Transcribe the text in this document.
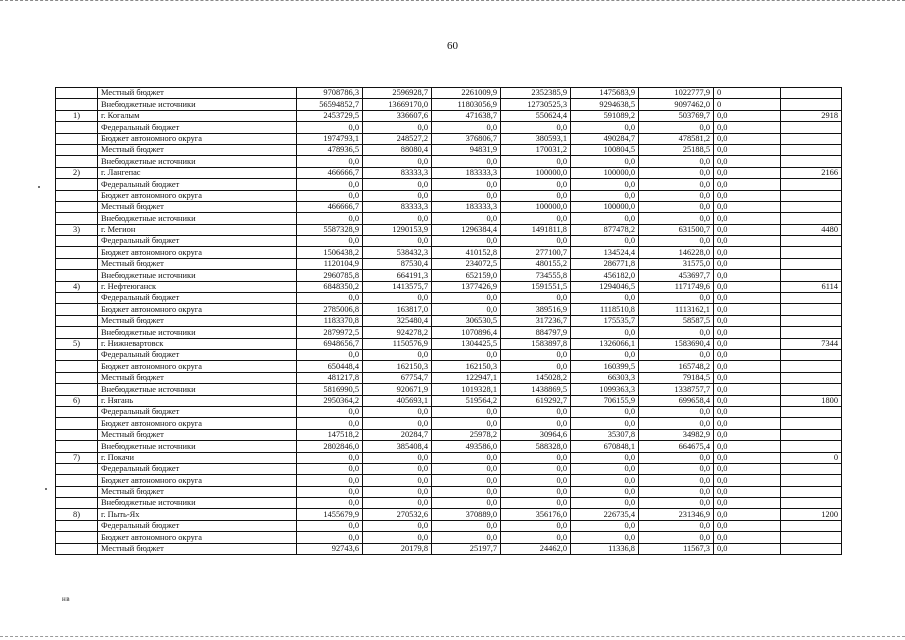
60
	Местный бюджет	9708786,3	2596928,7	2261009,9	2352385,9	1475683,9	1022777,9	0	
	Внебюджетные источники	56594852,7	13669170,0	11803056,9	12730525,3	9294638,5	9097462,0	0	
1)	г. Когалым	2453729,5	336607,6	471638,7	550624,4	591089,2	503769,7	0,0	2918
	Федеральный бюджет	0,0	0,0	0,0	0,0	0,0	0,0	0,0	
	Бюджет автономного округа	1974793,1	248527,2	376806,7	380593,1	490284,7	478581,2	0,0	
	Местный бюджет	478936,5	88080,4	94831,9	170031,2	100804,5	25188,5	0,0	
	Внебюджетные источники	0,0	0,0	0,0	0,0	0,0	0,0	0,0	
2)	г. Лангепас	466666,7	83333,3	183333,3	100000,0	100000,0	0,0	0,0	2166
	Федеральный бюджет	0,0	0,0	0,0	0,0	0,0	0,0	0,0	
	Бюджет автономного округа	0,0	0,0	0,0	0,0	0,0	0,0	0,0	
	Местный бюджет	466666,7	83333,3	183333,3	100000,0	100000,0	0,0	0,0	
	Внебюджетные источники	0,0	0,0	0,0	0,0	0,0	0,0	0,0	
3)	г. Мегион	5587328,9	1290153,9	1296384,4	1491811,8	877478,2	631500,7	0,0	4480
	Федеральный бюджет	0,0	0,0	0,0	0,0	0,0	0,0	0,0	
	Бюджет автономного округа	1506438,2	538432,3	410152,8	277100,7	134524,4	146228,0	0,0	
	Местный бюджет	1120104,9	87530,4	234072,5	480155,2	286771,8	31575,0	0,0	
	Внебюджетные источники	2960785,8	664191,3	652159,0	734555,8	456182,0	453697,7	0,0	
4)	г. Нефтеюганск	6848350,2	1413575,7	1377426,9	1591551,5	1294046,5	1171749,6	0,0	6114
	Федеральный бюджет	0,0	0,0	0,0	0,0	0,0	0,0	0,0	
	Бюджет автономного округа	2785006,8	163817,0	0,0	389516,9	1118510,8	1113162,1	0,0	
	Местный бюджет	1183370,8	325480,4	306530,5	317236,7	175535,7	58587,5	0,0	
	Внебюджетные источники	2879972,5	924278,2	1070896,4	884797,9	0,0	0,0	0,0	
5)	г. Нижневартовск	6948656,7	1150576,9	1304425,5	1583897,8	1326066,1	1583690,4	0,0	7344
	Федеральный бюджет	0,0	0,0	0,0	0,0	0,0	0,0	0,0	
	Бюджет автономного округа	650448,4	162150,3	162150,3	0,0	160399,5	165748,2	0,0	
	Местный бюджет	481217,8	67754,7	122947,1	145028,2	66303,3	79184,5	0,0	
	Внебюджетные источники	5816990,5	920671,9	1019328,1	1438869,5	1099363,3	1338757,7	0,0	
6)	г. Нягань	2950364,2	405693,1	519564,2	619292,7	706155,9	699658,4	0,0	1800
	Федеральный бюджет	0,0	0,0	0,0	0,0	0,0	0,0	0,0	
	Бюджет автономного округа	0,0	0,0	0,0	0,0	0,0	0,0	0,0	
	Местный бюджет	147518,2	20284,7	25978,2	30964,6	35307,8	34982,9	0,0	
	Внебюджетные источники	2802846,0	385408,4	493586,0	588328,0	670848,1	664675,4	0,0	
7)	г. Покачи	0,0	0,0	0,0	0,0	0,0	0,0	0,0	0
	Федеральный бюджет	0,0	0,0	0,0	0,0	0,0	0,0	0,0	
	Бюджет автономного округа	0,0	0,0	0,0	0,0	0,0	0,0	0,0	
	Местный бюджет	0,0	0,0	0,0	0,0	0,0	0,0	0,0	
	Внебюджетные источники	0,0	0,0	0,0	0,0	0,0	0,0	0,0	
8)	г. Пыть-Ях	1455679,9	270532,6	370889,0	356176,0	226735,4	231346,9	0,0	1200
	Федеральный бюджет	0,0	0,0	0,0	0,0	0,0	0,0	0,0	
	Бюджет автономного округа	0,0	0,0	0,0	0,0	0,0	0,0	0,0	
	Местный бюджет	92743,6	20179,8	25197,7	24462,0	11336,8	11567,3	0,0	
нв
